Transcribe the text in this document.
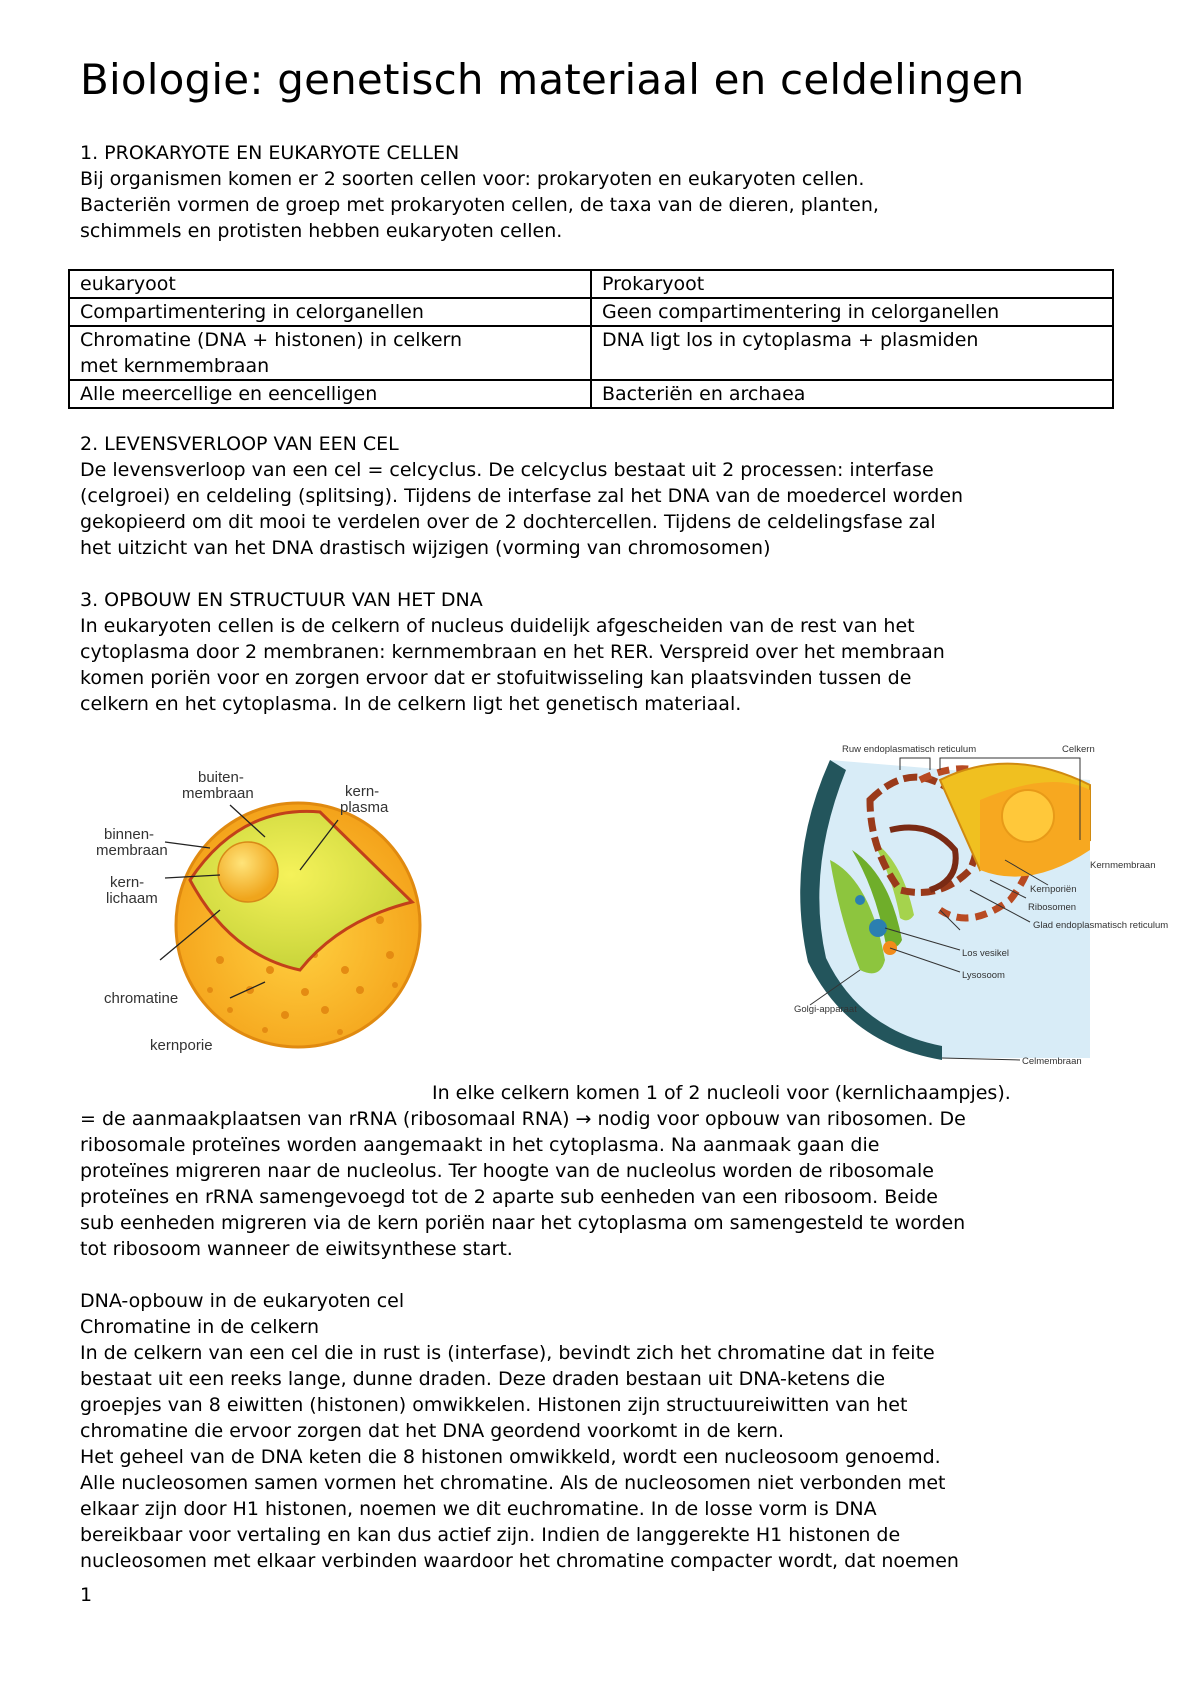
Biologie: genetisch materiaal en celdelingen

1. PROKARYOTE EN EUKARYOTE CELLEN

Bij organismen komen er 2 soorten cellen voor: prokaryoten en eukaryoten cellen.

Bacteriën vormen de groep met prokaryoten cellen, de taxa van de dieren, planten,

schimmels en protisten hebben eukaryoten cellen.

eukaryoot	Prokaryoot
Compartimentering in celorganellen	Geen compartimentering in celorganellen
Chromatine (DNA + histonen) in celkern
met kernmembraan	DNA ligt los in cytoplasma + plasmiden
Alle meercellige en eencelligen	Bacteriën en archaea

2. LEVENSVERLOOP VAN EEN CEL

De levensverloop van een cel = celcyclus. De celcyclus bestaat uit 2 processen: interfase

(celgroei) en celdeling (splitsing). Tijdens de interfase zal het DNA van de moedercel worden

gekopieerd om dit mooi te verdelen over de 2 dochtercellen. Tijdens de celdelingsfase zal

het uitzicht van het DNA drastisch wijzigen (vorming van chromosomen)

3. OPBOUW EN STRUCTUUR VAN HET DNA

In eukaryoten cellen is de celkern of nucleus duidelijk afgescheiden van de rest van het

cytoplasma door 2 membranen: kernmembraan en het RER. Verspreid over het membraan

komen poriën voor en zorgen ervoor dat er stofuitwisseling kan plaatsvinden tussen de

celkern en het cytoplasma. In de celkern ligt het genetisch materiaal.

buiten-
membraan	kern-
plasma
binnen-
membraan
kern-
lichaam
chromatine
kernporie
Ruw endoplasmatisch reticulum	Celkern
Kernmembraan
Kernporiën
Ribosomen
Glad endoplasmatisch reticulum
Los vesikel
Lysosoom
Golgi-apparaat
Celmembraan

In elke celkern komen 1 of 2 nucleoli voor (kernlichaampjes).

= de aanmaakplaatsen van rRNA (ribosomaal RNA) → nodig voor opbouw van ribosomen. De

ribosomale proteïnes worden aangemaakt in het cytoplasma. Na aanmaak gaan die

proteïnes migreren naar de nucleolus. Ter hoogte van de nucleolus worden de ribosomale

proteïnes en rRNA samengevoegd tot de 2 aparte sub eenheden van een ribosoom. Beide

sub eenheden migreren via de kern poriën naar het cytoplasma om samengesteld te worden

tot ribosoom wanneer de eiwitsynthese start.

DNA-opbouw in de eukaryoten cel

Chromatine in de celkern

In de celkern van een cel die in rust is (interfase), bevindt zich het chromatine dat in feite

bestaat uit een reeks lange, dunne draden. Deze draden bestaan uit DNA-ketens die

groepjes van 8 eiwitten (histonen) omwikkelen. Histonen zijn structuureiwitten van het

chromatine die ervoor zorgen dat het DNA geordend voorkomt in de kern.

Het geheel van de DNA keten die 8 histonen omwikkeld, wordt een nucleosoom genoemd.

Alle nucleosomen samen vormen het chromatine. Als de nucleosomen niet verbonden met

elkaar zijn door H1 histonen, noemen we dit euchromatine. In de losse vorm is DNA

bereikbaar voor vertaling en kan dus actief zijn. Indien de langgerekte H1 histonen de

nucleosomen met elkaar verbinden waardoor het chromatine compacter wordt, dat noemen

1
